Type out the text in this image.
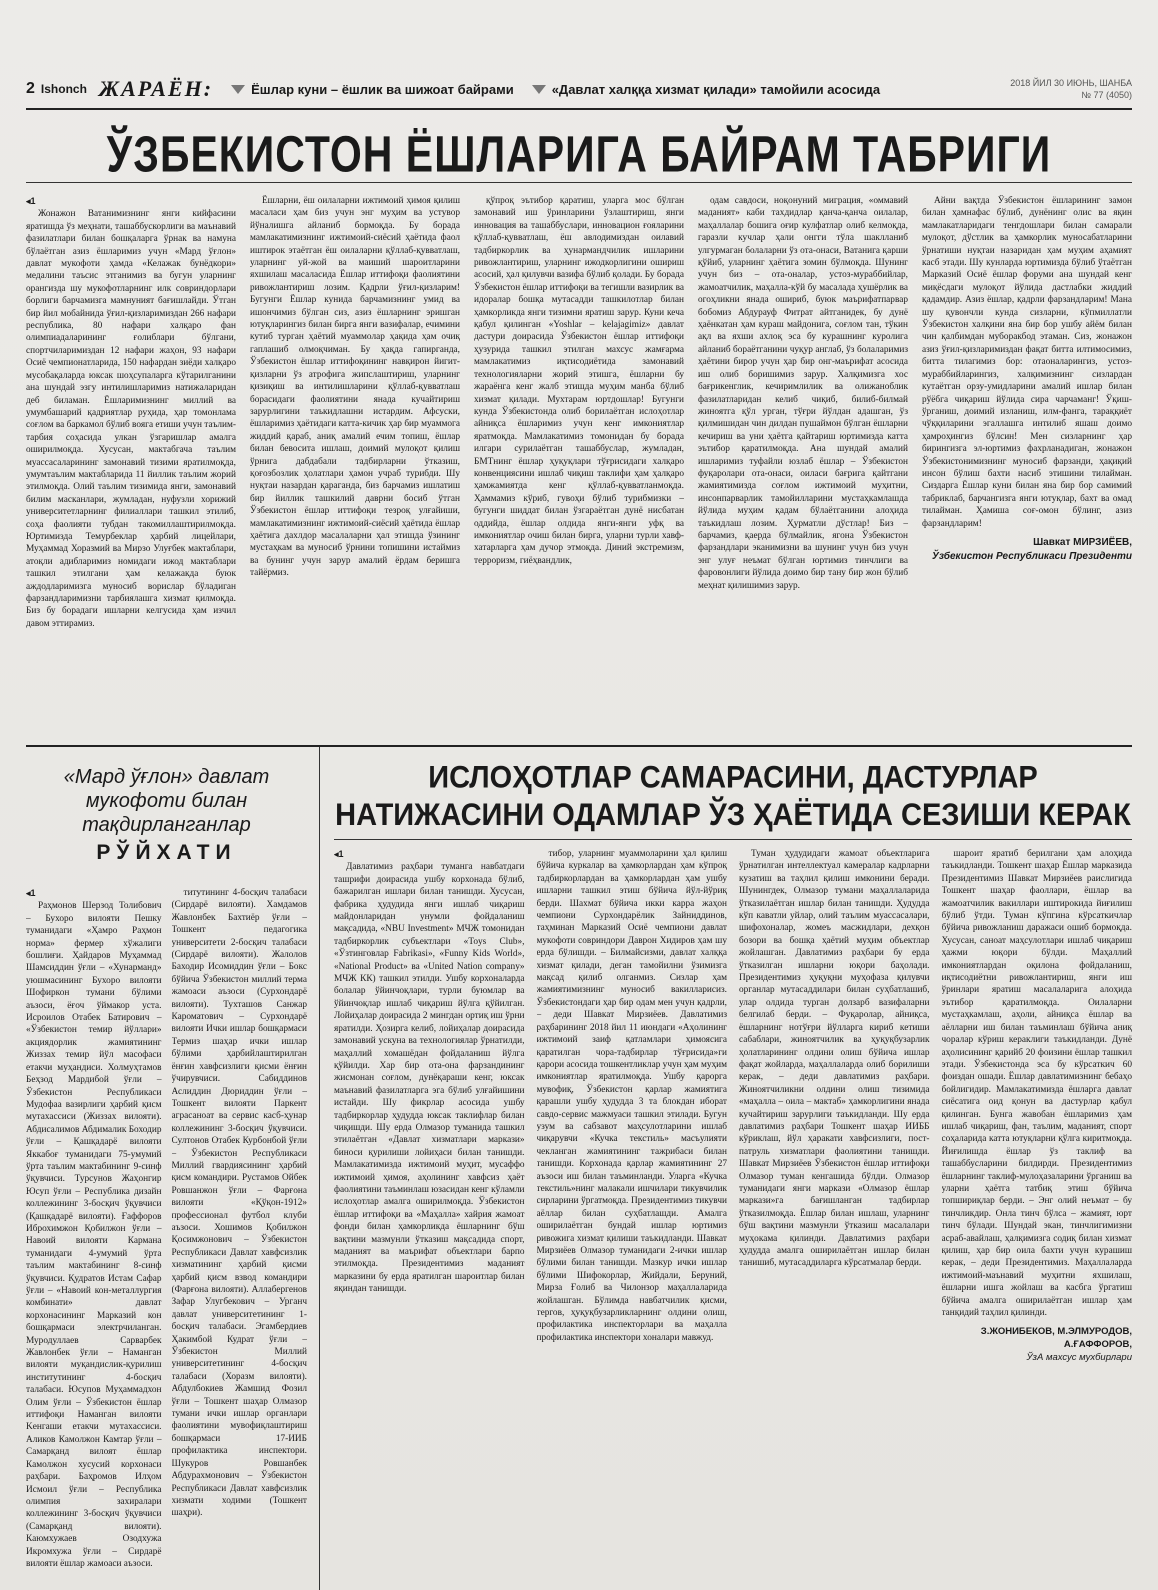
2 Ishonch ЖАРАЁН:	Ёшлар куни – ёшлик ва шижоат байрами	«Давлат халққа хизмат қилади» тамойили асосида	2018 ЙИЛ 30 ИЮНЬ, ШАНБА
№ 77 (4050)
ЎЗБЕКИСТОН ЁШЛАРИГА БАЙРАМ ТАБРИГИ
◂1

Жонажон Ватанимизнинг янги кийфасини яратишда ўз меҳнати, ташаббускорлиги ва маънавий фазилатлари билан бошқаларга ўрнак ва намуна бўлаётган азиз ёшларимиз учун «Мард ўғлон» давлат мукофоти ҳамда «Келажак бунёдкори» медалини таъсис этганимиз ва бугун уларнинг орангизда шу мукофотларнинг илк совриндорлари борлиги барчамизга мамнуният бағишлайди. Ўтган бир йил мобайнида ўғил-қизларимиздан 266 нафари республика, 80 нафари халқаро фан олимпиадаларининг ғолиблари бўлгани, спортчиларимиздан 12 нафари жаҳон, 93 нафари Осиё чемпионатларида, 150 нафардан зиёди халқаро мусобақаларда юксак шоҳсупаларга кўтарилганини ана шундай эзгу интилишларимиз натижаларидан деб биламан. Ёшларимизнинг миллий ва умумбашарий қадриятлар руҳида, ҳар томонлама соғлом ва баркамол бўлиб вояга етиши учун таълим-тарбия соҳасида улкан ўзгаришлар амалга оширилмоқда. Хусусан, мактабгача таълим муассасаларининг замонавий тизими яратилмоқда, умумтаълим мактабларида 11 йиллик таълим жорий этилмоқда. Олий таълим тизимида янги, замонавий билим масканлари, жумладан, нуфузли хорижий университетларнинг филиаллари ташкил этилиб, соҳа фаолияти тубдан такомиллаштирилмоқда. Юртимизда Темурбеклар ҳарбий лицейлари, Муҳаммад Хоразмий ва Мирзо Улуғбек мактаблари, атоқли адибларимиз номидаги ижод мактаблари ташкил этилгани ҳам келажакда буюк аждодларимизга муносиб ворислар бўладиган фарзандларимизни тарбиялашга хизмат қилмоқда. Биз бу борадаги ишларни келгусида ҳам изчил давом эттирамиз.

Ёшларни, ёш оилаларни ижтимоий ҳимоя қилиш масаласи ҳам биз учун энг муҳим ва устувор йўналишга айланиб бормоқда. Бу борада мамлакатимизнинг ижтимоий-сиёсий ҳаётида фаол иштирок этаётган ёш оилаларни қўллаб-қувватлаш, уларнинг уй-жой ва маиший шароитларини яхшилаш масаласида Ёшлар иттифоқи фаолиятини ривожлантириш лозим. Қадрли ўғил-қизларим! Бугунги Ёшлар кунида барчамизнинг умид ва ишончимиз бўлган сиз, азиз ёшларнинг эришган ютуқларингиз билан бирга янги вазифалар, ечимини кутиб турган ҳаётий муаммолар ҳақида ҳам очиқ гаплашиб олмоқчиман. Бу ҳақда гапирганда, Ўзбекистон ёшлар иттифоқининг навқирон йигит-қизларни ўз атрофига жипслаштириш, уларнинг қизиқиш ва интилишларини қўллаб-қувватлаш борасидаги фаолиятини янада кучайтириш зарурлигини таъкидлашни истардим. Афсуски, ёшларимиз ҳаётидаги катта-кичик ҳар бир муаммога жиддий қараб, аниқ амалий ечим топиш, ёшлар билан бевосита ишлаш, доимий мулоқот қилиш ўрнига дабдабали тадбирларни ўтказиш, қоғозбозлик ҳолатлари ҳамон учраб турибди. Шу нуқтаи назардан қараганда, биз барчамиз ишлатиш бир йиллик ташкилий даврни босиб ўтган Ўзбекистон ёшлар иттифоқи тезроқ улғайиши, мамлакатимизнинг ижтимоий-сиёсий ҳаётида ёшлар ҳаётига дахлдор масалаларни ҳал этишда ўзининг мустаҳкам ва муносиб ўрнини топишини истаймиз ва бунинг учун зарур амалий ёрдам беришга тайёрмиз.

қўпроқ эътибор қаратиш, уларга мос бўлган замонавий иш ўринларини ўзлаштириш, янги инновация ва ташаббуслари, инновацион ғояларини қўллаб-қувватлаш, ёш авлодимиздан оилавий тадбиркорлик ва ҳунармандчилик ишларини ривожлантириш, уларнинг ижодкорлигини ошириш асосий, ҳал қилувчи вазифа бўлиб қолади. Бу борада Ўзбекистон ёшлар иттифоқи ва тегишли вазирлик ва идоралар бошқа мутасадди ташкилотлар билан ҳамкорликда янги тизимни яратиш зарур. Куни кеча қабул қилинган «Yoshlar – kelajagimiz» давлат дастури доирасида Ўзбекистон ёшлар иттифоқи ҳузурида ташкил этилган махсус жамғарма мамлакатимиз иқтисодиётида замонавий технологияларни жорий этишга, ёшларни бу жараёнга кенг жалб этишда муҳим манба бўлиб хизмат қилади. Мухтарам юртдошлар! Бугунги кунда Ўзбекистонда олиб борилаётган ислоҳотлар айниқса ёшларимиз учун кенг имкониятлар яратмоқда. Мамлакатимиз томонидан бу борада илгари сурилаётган ташаббуслар, жумладан, БМТнинг ёшлар ҳуқуқлари тўғрисидаги халқаро конвенциясини ишлаб чиқиш таклифи ҳам ҳалқаро ҳамжамиятда кенг қўллаб-қувватланмоқда. Ҳаммамиз кўриб, гувоҳи бўлиб турибмизки – бугунги шиддат билан ўзгараётган дунё нисбатан оддийда, ёшлар олдида янги-янги уфқ ва имкониятлар очиш билан бирга, уларни турли хавф-хатарларга ҳам дучор этмоқда. Диний экстремизм, терроризм, гиёҳвандлик,

одам савдоси, ноқонуний миграция, «оммавий маданият» каби тахдидлар қанча-қанча оилалар, маҳаллалар бошига оғир кулфатлар олиб келмоқда, гаразли кучлар ҳали онгги тўла шаклланиб улгурмаган болаларни ўз ота-онаси, Ватанига қарши қўйиб, уларнинг ҳаётига зомин бўлмоқда. Шунинг учун биз – ота-оналар, устоз-мураббийлар, жамоатчилик, маҳалла-кўй бу масалада ҳушёрлик ва огоҳликни янада ошириб, буюк маърифатпарвар бобомиз Абдурауф Фитрат айтганидек, бу дунё ҳаёнкатан ҳам кураш майдонига, соғлом тан, тўкин ақл ва яхши ахлоқ эса бу курашнинг куролига айланиб бораётганини чуқур англаб, ўз болаларимиз ҳаётини бирор учун ҳар бир онг-маърифат асосида иш олиб боришимиз зарур. Халқимизга хос бағрикенглик, кечиримлилик ва олижаноблик фазилатларидан келиб чиқиб, билиб-билмай жиноятга қўл урган, тўғри йўлдан адашган, ўз қилмишидан чин дилдан пушаймон бўлган ёшларни кечириш ва уни ҳаётга қайтариш юртимизда катта эътибор қаратилмоқда. Ана шундай амалий ишларимиз туфайли юзлаб ёшлар – Ўзбекистон фуқаролари ота-онаси, оиласи бағрига қайтгани жамиятимизда соғлом ижтимоий муҳитни, инсонпарварлик тамойилларини мустаҳкамлашда йўлида муҳим қадам бўлаётганини алоҳида таъкидлаш лозим. Ҳурматли дўстлар! Биз – барчамиз, қаерда бўлмайлик, ягона Ўзбекистон фарзандлари эканимизни ва шунинг учун биз учун энг улуғ неъмат бўлган юртимиз тинчлиги ва фаровонлиги йўлида доимо бир тану бир жон бўлиб меҳнат қилишимиз зарур.

Айни вақтда Ўзбекистон ёшларининг замон билан ҳамнафас бўлиб, дунёнинг олис ва яқин мамлакатларидаги тенгдошлари билан самарали мулоқот, дўстлик ва ҳамкорлик муносабатларини ўрнатиши нуқтаи назаридан ҳам муҳим аҳамият касб этади. Шу кунларда юртимизда бўлиб ўтаётган Марказий Осиё ёшлар форуми ана шундай кенг миқёсдаги мулоқот йўлида дастлабки жиддий қадамдир. Азиз ёшлар, қадрли фарзандларим! Мана шу қувончли кунда сизларни, кўпмиллатли Ўзбекистон халқини яна бир бор ушбу айём билан чин қалбимдан муборакбод этаман. Сиз, жонажон азиз ўғил-қизларимиздан фақат битта илтимосимиз, битта тилагимиз бор: отаоналарингиз, устоз-мураббийларингиз, халқимизнинг сизлардан кутаётган орзу-умидларини амалий ишлар билан рўёбга чиқариш йўлида сира чарчаманг! Ўқиш-ўрганиш, доимий изланиш, илм-фанга, тараққиёт чўққиларини эгаллашга интилиб яшаш доимо ҳамроҳингиз бўлсин! Мен сизларнинг ҳар бирингизга эл-юртимиз фахрланадиган, жонажон Ўзбекистонимизнинг муносиб фарзанди, ҳақиқий инсон бўлиш бахти насиб этишини тилайман. Сиздарга Ёшлар куни билан яна бир бор самимий табриклаб, барчангизга янги ютуқлар, бахт ва омад тилайман. Ҳамиша соғ-омон бўлинг, азиз фарзандларим!

Шавкат МИРЗИЁЕВ,
Ўзбекистон Республикаси Президенти
«Мард ўғлон» давлат мукофоти билан тақдирланганлар
РЎЙХАТИ
◂1

Раҳмонов Шерзод Толибович – Бухоро вилояти Пешку туманидаги «Ҳамро Раҳмон норма» фермер хўжалиги бошлиғи. Ҳайдаров Муҳаммад Шамсиддин ўғли – «Хунарманд» уюшмасининг Бухоро вилояти Шофиркон тумани бўлими аъзоси, ёғоч ўймакор уста. Исроилов Отабек Батирович – «Ўзбекистон темир йўллари» акциядорлик жамиятининг Жиззах темир йўл масофаси етакчи муҳандиси. Холмуҳтамов Беҳзод Мардибой ўғли – Ўзбекистон Республикаси Мудофаа вазирлиги ҳарбий қисм мутахассиси (Жиззах вилояти). Абдисалимов Абдималик Боходир ўғли – Қашқадарё вилояти Яккабоғ туманидаги 75-умумий ўрта таълим мактабининг 9-синф ўқувчиси. Турсунов Жаҳонгир Юсуп ўғли – Республика дизайн коллежининг 3-босқич ўқувчиси (Қашқадарё вилояти). Ғаффоров Иброхимжон Қобилжон ўғли – Навоий вилояти Кармана туманидаги 4-умумий ўрта таълим мактабининг 8-синф ўқувчиси. Қудратов Истам Сафар ўғли – «Навоий кон-металлургия комбинати» давлат корхонасининг Марказий кон бошқармаси электрчиланган. Муродуллаев Сарварбек Жавлонбек ўғли – Наманган вилояти муқандислик-қурилиш институтининг 4-босқич талабаси. Юсупов Муҳаммадхон Олим ўғли – Ўзбекистон ёшлар иттифоқи Наманган вилояти Kенгаши етакчи мутахассиси. Аликов Камолжон Камтар ўғли – Самарқанд вилоят ёшлар Камолжон хусусий корхонаси раҳбари. Баҳромов Илҳом Исмоил ўғли – Республика олимпия захиралари коллежининг 3-босқич ўқувчиси (Самарқанд вилояти). Каюмхужаев Озодхужа Икромхужа ўғли – Сирдарё вилояти ёшлар жамоаси аъзоси.

титутининг 4-босқич талабаси (Сирдарё вилояти). Хамдамов Жавлонбек Бахтиёр ўғли – Тошкент педагогика университети 2-босқич талабаси (Сирдарё вилояти). Жалолов Баходир Исомиддин ўғли – Бокс бўйича Ўзбекистон миллий терма жамоаси аъзоси (Сурхондарё вилояти). Тухташов Санжар Кароматович – Сурхондарё вилояти Ички ишлар бошқармаси Термиз шаҳар ички ишлар бўлими ҳарбийлаштирилган ёнғин хавфсизлиги қисми ёнғин ўчирувчиси. Сабиддинов Аслиддин Дюриддин ўғли – Тошкент вилояти Паркент аграсаноат ва сервис касб-ҳунар коллежининг 3-босқич ўқувчиси. Султонов Отабек Курбонбой ўғли – Ўзбекистон Республикаси Миллий гвардиясининг ҳарбий қисм командири. Рустамов Ойбек Ровшанжон ўғли – Фарғона вилояти «Қўқон-1912» профессионал футбол клуби аъзоси. Хошимов Қобилжон Қосимжонович – Ўзбекистон Республикаси Давлат хавфсизлик хизматининг ҳарбий қисми ҳарбий қисм взвод командири (Фарғона вилояти). Аллабергенов Зафар Улугбекович – Урганч давлат университетининг 1-босқич талабаси. Эгамбердиев Ҳакимбой Кудрат ўғли – Ўзбекистон Миллий университетининг 4-босқич талабаси (Хоразм вилояти). Абдулбокиев Жамшид Фозил ўғли – Тошкент шаҳар Олмазор тумани ички ишлар органлари фаолиятини мувофиқлаштириш бошқармаси 17-ИИБ профилактика инспектори. Шукуров Ровшанбек Абдурахмонович – Ўзбекистон Республикаси Давлат хавфсизлик хизмати ходими (Тошкент шаҳри).

ИСЛОҲОТЛАР САМАРАСИНИ, ДАСТУРЛАР НАТИЖАСИНИ ОДАМЛАР ЎЗ ҲАЁТИДА СЕЗИШИ КЕРАК
◂1

Давлатимиз раҳбари туманга навбатдаги ташрифи доирасида ушбу корхонада бўлиб, бажарилган ишлари билан танишди. Хусусан, фабрика ҳудудида янги ишлаб чиқариш майдонларидан унумли фойдаланиш мақсадида, «NBU Investment» МЧЖ томонидан тадбиркорлик субъектлари «Toys Club», «Ўзтинговлар Fabrikasi», «Funny Kids World», «National Product» ва «United Nation company» МЧЖ КК) ташкил этилди. Ушбу корхоналарда болалар ўйинчоқлари, турли буюмлар ва ўйинчоқлар ишлаб чиқариш йўлга қўйилган. Лойиҳалар доирасида 2 мингдан ортиқ иш ўрни яратилди. Ҳозирга келиб, лойиҳалар доирасида замонавий ускуна ва технологиялар ўрнатилди, маҳаллий хомашёдан фойдаланиш йўлга қўйилди. Хар бир ота-она фарзандининг жисмонан соғлом, дунёқараши кенг, юксак маънавий фазилатларга эга бўлиб улғайишини истайди. Шу фикрлар асосида ушбу тадбиркорлар ҳудудда юксак таклифлар билан чиқишди. Шу ерда Олмазор туманида ташкил этилаётган «Давлат хизматлари маркази» биноси қурилиши лойиҳаси билан танишди. Мамлакатимизда ижтимоий муҳит, мусаффо ижтимоий ҳимоя, аҳолининг хавфсиз ҳаёт фаолиятини таъминлаш юзасидан кенг кўламли ислоҳотлар амалга оширилмоқда. Ўзбекистон ёшлар иттифоқи ва «Маҳалла» хайрия жамоат фонди билан ҳамкорликда ёшларнинг бўш вақтини мазмунли ўтказиш мақсадида спорт, маданият ва маърифат объектлари барпо этилмоқда. Президентимиз маданият марказини бу ерда яратилган шароитлар билан яқиндан танишди.

тибор, уларнинг муаммоларини ҳал қилиш бўйича куркалар ва ҳамкорлардан ҳам кўпроқ тадбиркорлардан ва ҳамкорлардан ҳам ушбу ишларни ташкил этиш бўйича йўл-йўриқ берди. Шахмат бўйича икки карра жаҳон чемпиони Сурхондарёлик Зайниддинов, таҳминан Марказий Осиё чемпиони давлат мукофоти совриндори Даврон Хидиров ҳам шу ерда бўлишди. – Билмайсизми, давлат халққа хизмат қилади, деган тамойилни ўзимизга мақсад қилиб олганмиз. Сизлар ҳам жамиятимизнинг муносиб вакилларисиз. Ўзбекистондаги ҳар бир одам мен учун қадрли, – деди Шавкат Мирзиёев. Давлатимиз раҳбарининг 2018 йил 11 июндаги «Аҳолининг ижтимоий заиф қатламлари ҳимоясига қаратилган чора-тадбирлар тўғрисида»ги қарори асосида тошкентликлар учун ҳам муҳим имкониятлар яратилмоқда. Ушбу қарорга мувофиқ, Ўзбекистон қарлар жамиятига қарашли ушбу ҳудудда 3 та блокдан иборат савдо-сервис мажмуаси ташкил этилади. Бугун узум ва сабзавот маҳсулотларини ишлаб чиқарувчи «Кучка текстиль» масъулияти чекланган жамиятининг тажрибаси билан танишди. Корхонада қарлар жамиятининг 27 аъзоси иш билан таъминланди. Уларга «Кучка текстиль»нинг малакали ишчилари тикувчилик сирларини ўргатмоқда. Президентимиз тикувчи аёллар билан суҳбатлашди. Амалга оширилаётган бундай ишлар юртимиз ривожига хизмат қилиши таъкидланди. Шавкат Мирзиёев Олмазор туманидаги 2-ички ишлар бўлими билан танишди. Мазкур ички ишлар бўлими Шифокорлар, Жийдали, Беруний, Мирза Ғолиб ва Чилонзор маҳаллаларида жойлашган. Бўлимда навбатчилик қисми, тергов, ҳуқуқбузарликларнинг олдини олиш, профилактика инспекторлари ва маҳалла профилактика инспектори хоналари мавжуд.

Туман ҳудудидаги жамоат объектларига ўрнатилган интеллектуал камералар кадрларни кузатиш ва таҳлил қилиш имконини беради. Шунингдек, Олмазор тумани маҳаллаларида ўтказилаётган ишлар билан танишди. Ҳудудда кўп каватли уйлар, олий таълим муассасалари, шифохоналар, жомеъ масжидлари, дехқон бозори ва бошқа ҳаётий муҳим объектлар жойлашган. Давлатимиз раҳбари бу ерда ўтказилган ишларни юқори баҳолади. Президентимиз ҳуқуқни муҳофаза қилувчи органлар мутасаддилари билан суҳбатлашиб, улар олдида турган долзарб вазифаларни белгилаб берди. – Фуқаролар, айниқса, ёшларнинг нотўғри йўлларга кириб кетиши сабаблари, жиноятчилик ва ҳуқуқбузарлик ҳолатларининг олдини олиш бўйича ишлар фақат жойларда, маҳаллаларда олиб борилиши керак, – деди давлатимиз раҳбари. Жиноятчиликни олдини олиш тизимида «маҳалла – оила – мактаб» ҳамкорлигини янада кучайтириш зарурлиги таъкидланди. Шу ерда давлатимиз раҳбари Тошкент шаҳар ИИББ кўриклаш, йўл ҳаракати хавфсизлиги, пост-патруль хизматлари фаолиятини танишди. Шавкат Мирзиёев Ўзбекистон ёшлар иттифоқи Олмазор туман кенгашида бўлди. Олмазор туманидаги янги маркази «Олмазор ёшлар маркази»га бағишланган тадбирлар ўтказилмоқда. Ёшлар билан ишлаш, уларнинг бўш вақтини мазмунли ўтказиш масалалари муҳокама қилинди. Давлатимиз раҳбари ҳудудда амалга оширилаётган ишлар билан танишиб, мутасаддиларга кўрсатмалар берди.

шароит яратиб берилгани ҳам алоҳида таъкидланди. Тошкент шаҳар Ёшлар марказида Президентимиз Шавкат Мирзиёев раислигида Тошкент шаҳар фаоллари, ёшлар ва жамоатчилик вакиллари иштирокида йиғилиш бўлиб ўтди. Туман кўпгина кўрсаткичлар бўйича ривожланиш даражаси ошиб бормоқда. Хусусан, саноат маҳсулотлари ишлаб чиқариш ҳажми юқори бўлди. Маҳаллий имкониятлардан оқилона фойдаланиш, иқтисодиётни ривожлантириш, янги иш ўринлари яратиш масалаларига алоҳида эътибор қаратилмоқда. Оилаларни мустаҳкамлаш, аҳоли, айниқса ёшлар ва аёлларни иш билан таъминлаш бўйича аниқ чоралар кўриш кераклиги таъкидланди. Дунё аҳолисининг қарийб 20 фоизини ёшлар ташкил этади. Ўзбекистонда эса бу кўрсаткич 60 фоиздан ошади. Ёшлар давлатимизнинг бебаҳо бойлигидир. Мамлакатимизда ёшларга давлат сиёсатига оид қонун ва дастурлар қабул қилинган. Бунга жавобан ёшларимиз ҳам ишлаб чиқариш, фан, таълим, маданият, спорт соҳаларида катта ютуқларни қўлга киритмоқда. Йиғилишда ёшлар ўз таклиф ва ташаббусларини билдирди. Президентимиз ёшларнинг таклиф-мулоҳазаларини ўрганиш ва уларни ҳаётга татбиқ этиш бўйича топшириқлар берди. – Энг олий неъмат – бу тинчликдир. Онла тинч бўлса – жамият, юрт тинч бўлади. Шундай экан, тинчлигимизни асраб-авайлаш, ҳалқимизга содиқ билан хизмат қилиш, ҳар бир оила бахти учун курашиш керак, – деди Президентимиз. Маҳаллаларда ижтимоий-маънавий муҳитни яхшилаш, ёшларни ишга жойлаш ва касбга ўргатиш бўйича амалга оширилаётган ишлар ҳам танқидий таҳлил қилинди.

З.ЖОНИБЕКОВ, М.ЭЛМУРОДОВ, А.ҒАФФОРОВ,
ЎзА махсус мухбирлари
